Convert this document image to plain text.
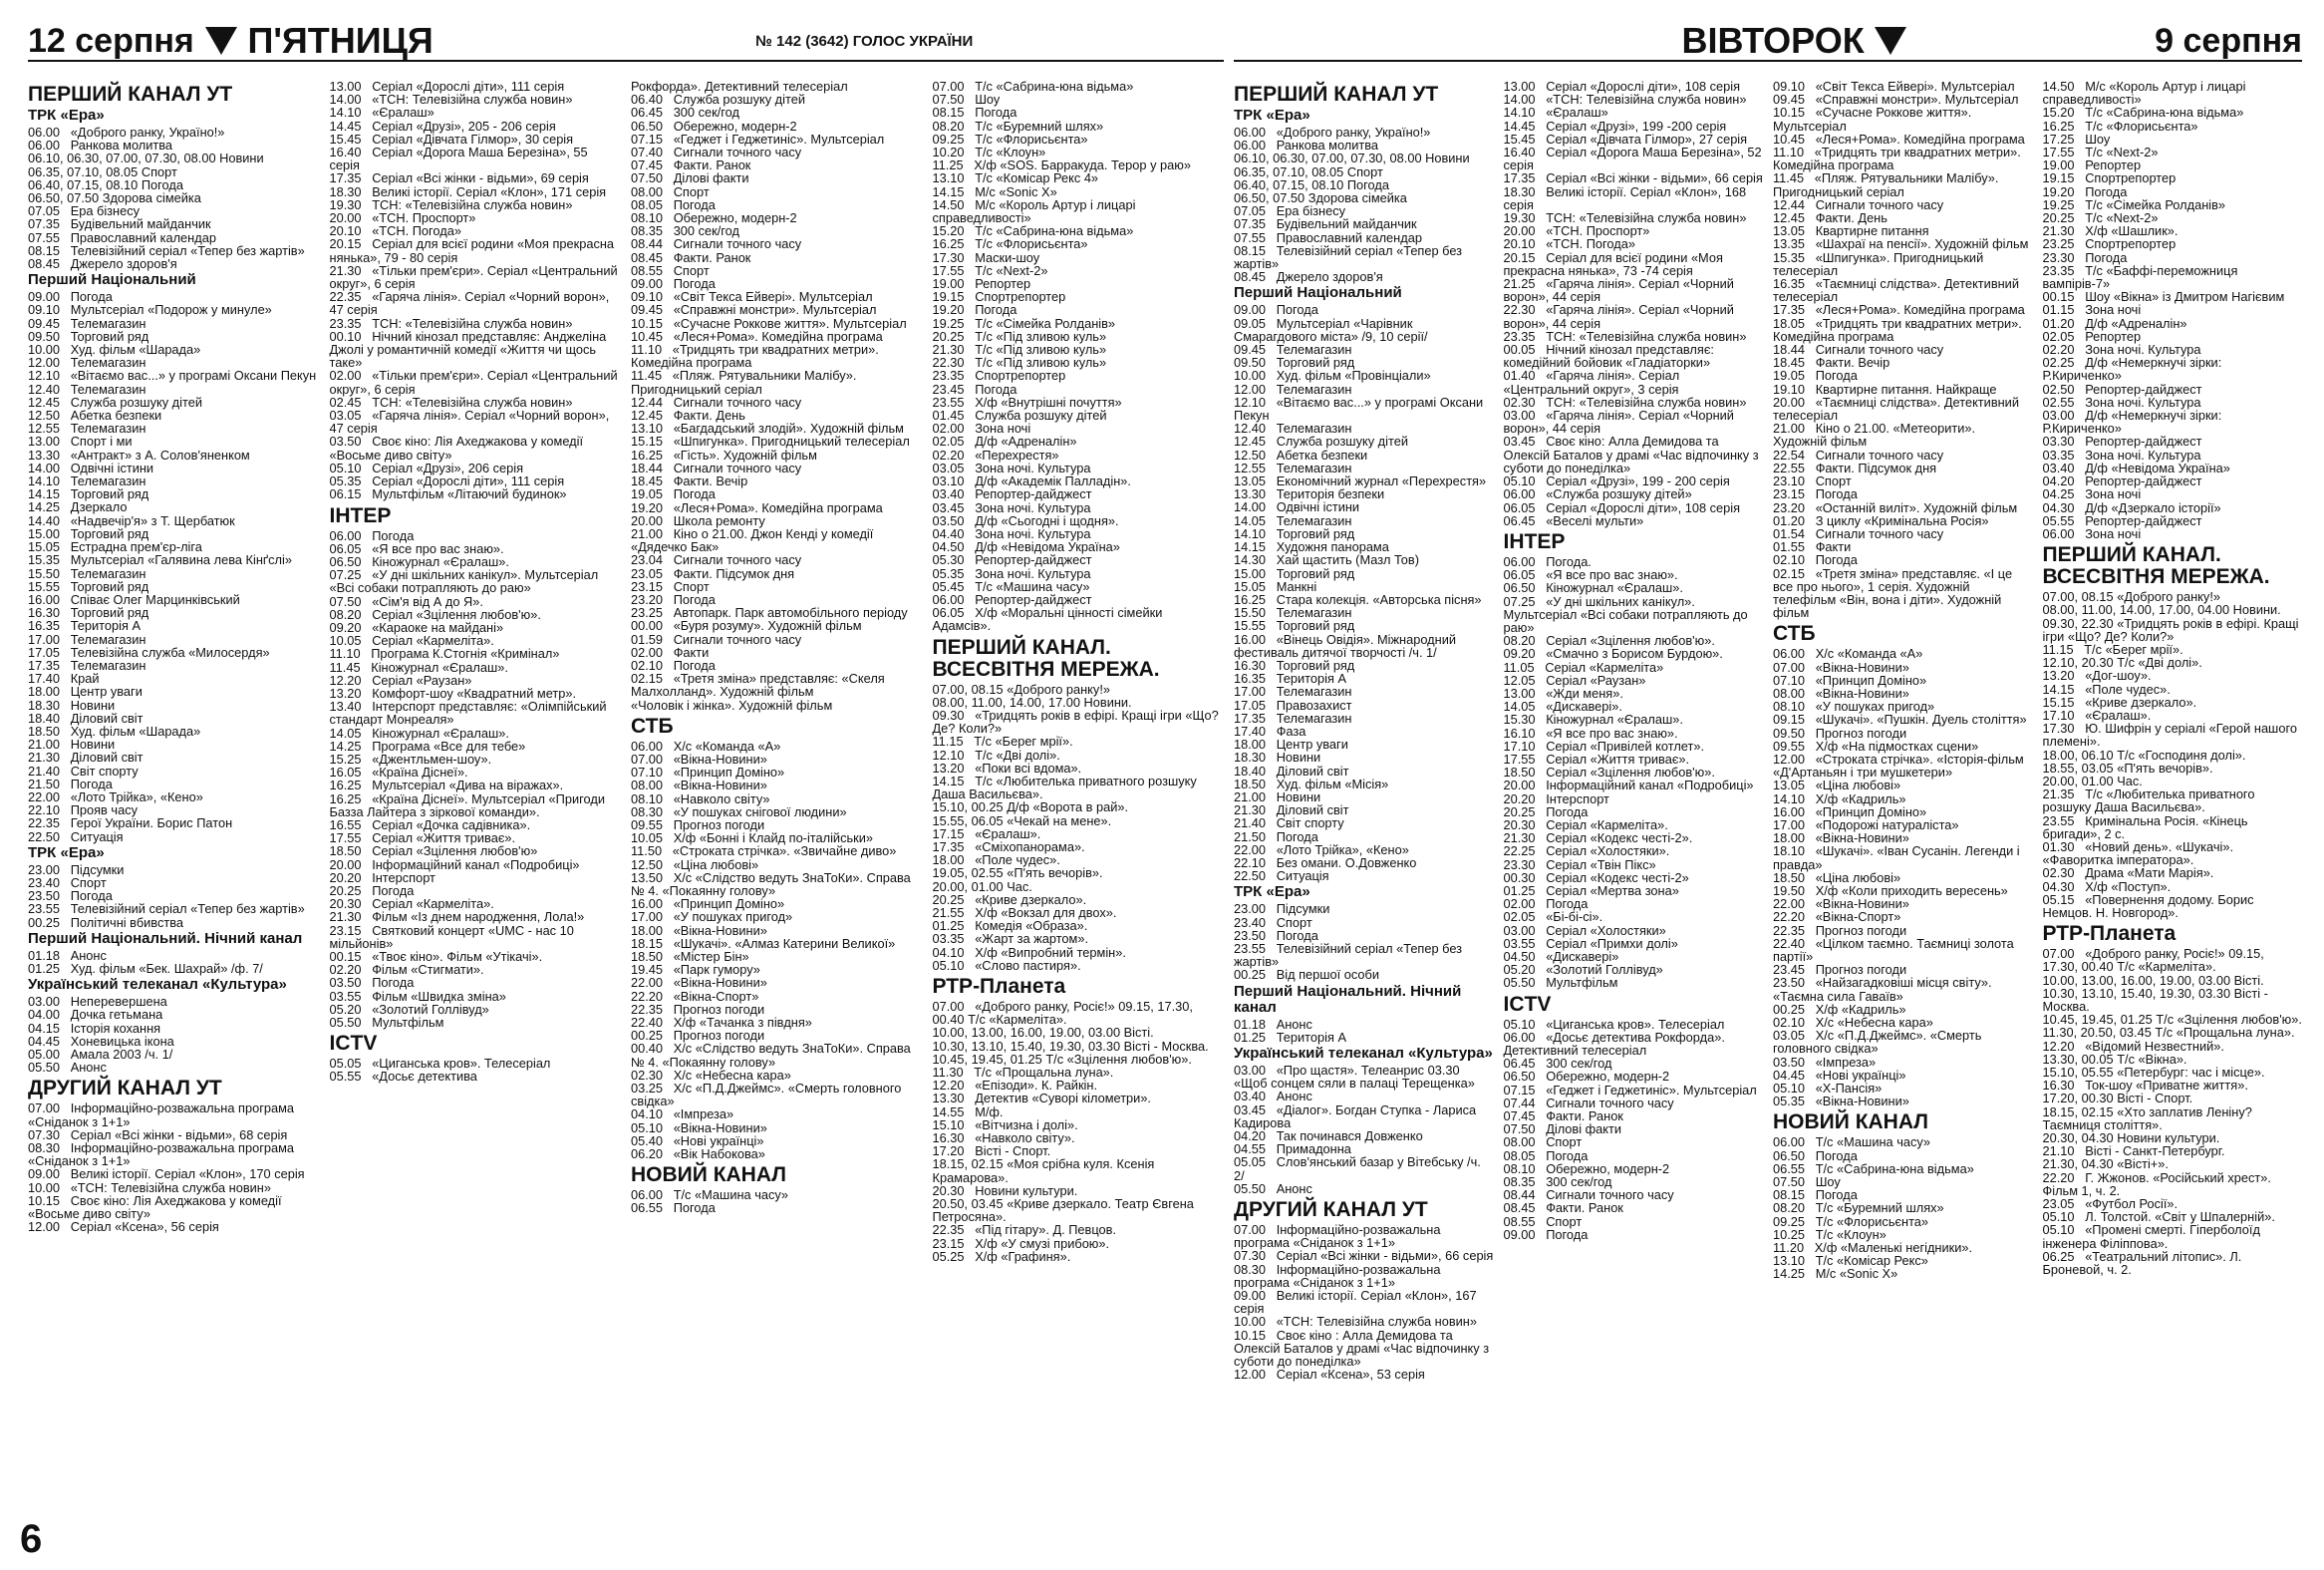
12 серпня П'ЯТНИЦЯ	№ 142 (3642) ГОЛОС УКРАЇНИ	ВІВТОРОК	9 серпня
ПЕРШИЙ КАНАЛ УТ
ТРК «Ера»
06.00   «Доброго ранку, Україно!»
06.00   Ранкова молитва
06.10, 06.30, 07.00, 07.30, 08.00 Новини
06.35, 07.10, 08.05 Спорт
06.40, 07.15, 08.10 Погода
06.50, 07.50 Здорова сімейка
07.05   Ера бізнесу
07.35   Будівельний майданчик
07.55   Православний календар
08.15   Телевізійний серіал «Тепер без жартів»
08.45   Джерело здоров'я
Перший Національний
09.00   Погода
09.10   Мультсеріал «Подорож у минуле»
09.45   Телемагазин
09.50   Торговий ряд
10.00   Худ. фільм «Шарада»
12.00   Телемагазин
12.10   «Вітаємо вас...» у програмі Оксани Пекун
12.40   Телемагазин
12.45   Служба розшуку дітей
12.50   Абетка безпеки
12.55   Телемагазин
13.00   Спорт і ми
13.30   «Антракт» з А. Солов'яненком
14.00   Одвічні істини
14.10   Телемагазин
14.15   Торговий ряд
14.25   Дзеркало
14.40   «Надвечір'я» з Т. Щербатюк
15.00   Торговий ряд
15.05   Естрадна прем'єр-ліга
15.35   Мультсеріал «Галявина лева Кінґслі»
15.50   Телемагазин
15.55   Торговий ряд
16.00   Співає Олег Марцинківський
16.30   Торговий ряд
16.35   Територія А
17.00   Телемагазин
17.05   Телевізійна служба «Милосердя»
17.35   Телемагазин
17.40   Край
18.00   Центр уваги
18.30   Новини
18.40   Діловий світ
18.50   Худ. фільм «Шарада»
21.00   Новини
21.30   Діловий світ
21.40   Світ спорту
21.50   Погода
22.00   «Лото Трійка», «Кено»
22.10   Прояв часу
22.35   Герої України. Борис Патон
22.50   Ситуація
ТРК «Ера»
23.00   Підсумки
23.40   Спорт
23.50   Погода
23.55   Телевізійний серіал «Тепер без жартів»
00.25   Політичні вбивства
Перший Національний. Нічний канал
01.18   Анонс
01.25   Худ. фільм «Бек. Шахрай» /ф. 7/
Український телеканал «Культура»
03.00   Неперевершена
04.00   Дочка гетьмана
04.15   Історія кохання
04.45   Хоневицька ікона
05.00   Амала 2003 /ч. 1/
05.50   Анонс
ДРУГИЙ КАНАЛ УТ
07.00   Інформаційно-розважальна програма «Сніданок з 1+1»
07.30   Серіал «Всі жінки - відьми», 68 серія
08.30   Інформаційно-розважальна програма «Сніданок з 1+1»
09.00   Великі історії. Серіал «Клон», 170 серія
10.00   «ТСН: Телевізійна служба новин»
10.15   Своє кіно: Лія Ахеджакова у комедії «Восьме диво світу»
12.00   Серіал «Ксена», 56 серія
13.00   Серіал «Дорослі діти», 111 серія
14.00   «ТСН: Телевізійна служба новин»
14.10   «Єралаш»
14.45   Серіал «Друзі», 205 - 206 серія
15.45   Серіал «Дівчата Гілмор», 30 серія
16.40   Серіал «Дорога Маша Березіна», 55 серія
17.35   Серіал «Всі жінки - відьми», 69 серія
18.30   Великі історії. Серіал «Клон», 171 серія
19.30   ТСН: «Телевізійна служба новин»
20.00   «ТСН. Проспорт»
20.10   «ТСН. Погода»
20.15   Серіал для всієї родини «Моя прекрасна нянька», 79 - 80 серія
21.30   «Тільки прем'єри». Серіал «Центральний округ», 6 серія
22.35   «Гаряча лінія». Серіал «Чорний ворон», 47 серія
23.35   ТСН: «Телевізійна служба новин»
00.10   Нічний кінозал представляє: Анджеліна Джолі у романтичній комедії «Життя чи щось таке»
02.00   «Тільки прем'єри». Серіал «Центральний округ», 6 серія
02.45   ТСН: «Телевізійна служба новин»
03.05   «Гаряча лінія». Серіал «Чорний ворон», 47 серія
03.50   Своє кіно: Лія Ахеджакова у комедії «Восьме диво світу»
05.10   Серіал «Друзі», 206 серія
05.35   Серіал «Дорослі діти», 111 серія
06.15   Мультфільм «Літаючий будинок»
ІНТЕР
06.00   Погода
06.05   «Я все про вас знаю».
06.50   Кіножурнал «Єралаш».
07.25   «У дні шкільних канікул». Мультсеріал «Всі собаки потрапляють до раю»
07.50   «Сім'я від А до Я».
08.20   Серіал «Зцілення любов'ю».
09.20   «Караоке на майдані»
10.05   Серіал «Кармеліта».
11.10   Програма К.Стогнія «Кримінал»
11.45   Кіножурнал «Єралаш».
12.20   Серіал «Раузан»
13.20   Комфорт-шоу «Квадратний метр».
13.40   Інтерспорт представляє: «Олімпійський стандарт Монреаля»
14.05   Кіножурнал «Єралаш».
14.25   Програма «Все для тебе»
15.25   «Джентльмен-шоу».
16.05   «Країна Діснеї».
16.25   Мультсеріал «Дива на віражах».
16.25   «Країна Діснеї». Мультсеріал «Пригоди Базза Лайтера з зіркової команди».
16.55   Серіал «Дочка садівника».
17.55   Серіал «Життя триває».
18.50   Серіал «Зцілення любов'ю»
20.00   Інформаційний канал «Подробиці»
20.20   Інтерспорт
20.25   Погода
20.30   Серіал «Кармеліта».
21.30   Фільм «Із днем народження, Лола!»
23.15   Святковий концерт «UMC - нас 10 мільйонів»
00.15   «Твоє кіно». Фільм «Утікачі».
02.20   Фільм «Стигмати».
03.50   Погода
03.55   Фільм «Швидка зміна»
05.20   «Золотий Голлівуд»
05.50   Мультфільм
ICTV
05.05   «Циганська кров». Телесеріал
05.55   «Досьє детектива
Рокфорда». Детективний телесеріал
06.40   Служба розшуку дітей
06.45   300 сек/год
06.50   Обережно, модерн-2
07.15   «Геджет і Геджетиніс». Мультсеріал
07.40   Сигнали точного часу
07.45   Факти. Ранок
07.50   Ділові факти
08.00   Спорт
08.05   Погода
08.10   Обережно, модерн-2
08.35   300 сек/год
08.44   Сигнали точного часу
08.45   Факти. Ранок
08.55   Спорт
09.00   Погода
09.10   «Світ Текса Ейвері». Мультсеріал
09.45   «Справжні монстри». Мультсеріал
10.15   «Сучасне Роккове життя». Мультсеріал
10.45   «Леся+Рома». Комедійна програма
11.10   «Тридцять три квадратних метри». Комедійна програма
11.45   «Пляж. Рятувальники Малібу». Пригодницький серіал
12.44   Сигнали точного часу
12.45   Факти. День
13.10   «Багдадський злодій». Художній фільм
15.15   «Шпигунка». Пригодницький телесеріал
16.25   «Гість». Художній фільм
18.44   Сигнали точного часу
18.45   Факти. Вечір
19.05   Погода
19.20   «Леся+Рома». Комедійна програма
20.00   Школа ремонту
21.00   Кіно о 21.00. Джон Кенді у комедії «Дядечко Бак»
23.04   Сигнали точного часу
23.05   Факти. Підсумок дня
23.15   Спорт
23.20   Погода
23.25   Автопарк. Парк автомобільного періоду
00.00   «Буря розуму». Художній фільм
01.59   Сигнали точного часу
02.00   Факти
02.10   Погода
02.15   «Третя зміна» представляє: «Скеля Малхолланд». Художній фільм
«Чоловік і жінка». Художній фільм
СТБ
06.00   Х/с «Команда «А»
07.00   «Вікна-Новини»
07.10   «Принцип Доміно»
08.00   «Вікна-Новини»
08.10   «Навколо світу»
08.30   «У пошуках снігової людини»
09.55   Прогноз погоди
10.05   Х/ф «Бонні і Клайд по-італійськи»
11.50   «Строката стрічка». «Звичайне диво»
12.50   «Ціна любові»
13.50   Х/с «Слідство ведуть ЗнаТоКи». Справа № 4. «Покаянну голову»
16.00   «Принцип Доміно»
17.00   «У пошуках пригод»
18.00   «Вікна-Новини»
18.15   «Шукачі». «Алмаз Катерини Великої»
18.50   «Містер Бін»
19.45   «Парк гумору»
22.00   «Вікна-Новини»
22.20   «Вікна-Спорт»
22.35   Прогноз погоди
22.40   Х/ф «Тачанка з півдня»
00.25   Прогноз погоди
00.40   Х/с «Слідство ведуть ЗнаТоКи». Справа № 4. «Покаянну голову»
02.30   Х/с «Небесна кара»
03.25   Х/с «П.Д.Джеймс». «Смерть головного свідка»
04.10   «Імпреза»
05.10   «Вікна-Новини»
05.40   «Нові українці»
06.20   «Вік Набокова»
НОВИЙ КАНАЛ
06.00   Т/с «Машина часу»
06.55   Погода
07.00   Т/с «Сабрина-юна відьма»
07.50   Шоу
08.15   Погода
08.20   Т/с «Буремний шлях»
09.25   Т/с «Флорисьєнта»
10.20   Т/с «Клоун»
11.25   Х/ф «SOS. Барракуда. Терор у раю»
13.10   Т/с «Комісар Рекс 4»
14.15   М/с «Sonic X»
14.50   М/с «Король Артур і лицарі справедливості»
15.20   Т/с «Сабрина-юна відьма»
16.25   Т/с «Флорисьєнта»
17.30   Маски-шоу
17.55   Т/с «Next-2»
19.00   Репортер
19.15   Спортрепортер
19.20   Погода
19.25   Т/с «Сімейка Ролданів»
20.25   Т/с «Під зливою куль»
21.30   Т/с «Під зливою куль»
22.30   Т/с «Під зливою куль»
23.35   Спортрепортер
23.45   Погода
23.55   Х/ф «Внутрішні почуття»
01.45   Служба розшуку дітей
02.00   Зона ночі
02.05   Д/ф «Адреналін»
02.20   «Перехрестя»
03.05   Зона ночі. Культура
03.10   Д/ф «Академік Палладін».
03.40   Репортер-дайджест
03.45   Зона ночі. Культура
03.50   Д/ф «Сьогодні і щодня».
04.40   Зона ночі. Культура
04.50   Д/ф «Невідома Україна»
05.30   Репортер-дайджест
05.35   Зона ночі. Культура
05.45   Т/с «Машина часу»
06.00   Репортер-дайджест
06.05   Х/ф «Моральні цінності сімейки Адамсів».
ПЕРШИЙ КАНАЛ. ВСЕСВІТНЯ МЕРЕЖА.
07.00, 08.15 «Доброго ранку!»
08.00, 11.00, 14.00, 17.00 Новини.
09.30   «Тридцять років в ефірі. Кращі ігри «Що? Де? Коли?»
11.15   Т/с «Берег мрії».
12.10   Т/с «Дві долі».
13.20   «Поки всі вдома».
14.15   Т/с «Любителька приватного розшуку Даша Васильєва».
15.10, 00.25 Д/ф «Ворота в рай».
15.55, 06.05 «Чекай на мене».
17.15   «Єралаш».
17.35   «Сміхопанорама».
18.00   «Поле чудес».
19.05, 02.55 «П'ять вечорів».
20.00, 01.00 Час.
20.25   «Криве дзеркало».
21.55   Х/ф «Вокзал для двох».
01.25   Комедія «Образа».
03.35   «Жарт за жартом».
04.10   Х/ф «Випробний термін».
05.10   «Слово пастиря».
РТР-Планета
07.00   «Доброго ранку, Росіє!» 09.15, 17.30, 00.40 Т/с «Кармеліта».
10.00, 13.00, 16.00, 19.00, 03.00 Вісті.
10.30, 13.10, 15.40, 19.30, 03.30 Вісті - Москва.
10.45, 19.45, 01.25 Т/с «Зцілення любов'ю».
11.30   Т/с «Прощальна луна».
12.20   «Епізоди». К. Райкін.
13.30   Детектив «Суворі кілометри».
14.55   М/ф.
15.10   «Вітчизна і долі».
16.30   «Навколо світу».
17.20   Вісті - Спорт.
18.15, 02.15 «Моя срібна куля. Ксенія Крамарова».
20.30   Новини культури.
20.50, 03.45 «Криве дзеркало. Театр Євгена Петросяна».
22.35   «Під гітару». Д. Певцов.
23.15   Х/ф «У смузі прибою».
05.25   Х/ф «Графиня».
ПЕРШИЙ КАНАЛ УТ
ТРК «Ера»
06.00   «Доброго ранку, Україно!»
06.00   Ранкова молитва
06.10, 06.30, 07.00, 07.30, 08.00 Новини
06.35, 07.10, 08.05 Спорт
06.40, 07.15, 08.10 Погода
06.50, 07.50 Здорова сімейка
07.05   Ера бізнесу
07.35   Будівельний майданчик
07.55   Православний календар
08.15   Телевізійний серіал «Тепер без жартів»
08.45   Джерело здоров'я
Перший Національний
09.00   Погода
09.05   Мультсеріал «Чарівник Смарагдового міста» /9, 10 серії/
09.45   Телемагазин
09.50   Торговий ряд
10.00   Худ. фільм «Провінціали»
12.00   Телемагазин
12.10   «Вітаємо вас...» у програмі Оксани Пекун
12.40   Телемагазин
12.45   Служба розшуку дітей
12.50   Абетка безпеки
12.55   Телемагазин
13.05   Економічний журнал «Перехрестя»
13.30   Територія безпеки
14.00   Одвічні істини
14.05   Телемагазин
14.10   Торговий ряд
14.15   Художня панорама
14.30   Хай щастить (Мазл Тов)
15.00   Торговий ряд
15.05   Манкні
16.25   Стара колекція. «Авторська пісня»
15.50   Телемагазин
15.55   Торговий ряд
16.00   «Вінець Овідія». Міжнародний фестиваль дитячої творчості /ч. 1/
16.30   Торговий ряд
16.35   Територія А
17.00   Телемагазин
17.05   Правозахист
17.35   Телемагазин
17.40   Фаза
18.00   Центр уваги
18.30   Новини
18.40   Діловий світ
18.50   Худ. фільм «Місія»
21.00   Новини
21.30   Діловий світ
21.40   Світ спорту
21.50   Погода
22.00   «Лото Трійка», «Кено»
22.10   Без омани. О.Довженко
22.50   Ситуація
ТРК «Ера»
23.00   Підсумки
23.40   Спорт
23.50   Погода
23.55   Телевізійний серіал «Тепер без жартів»
00.25   Від першої особи
Перший Національний. Нічний канал
01.18   Анонс
01.25   Територія А
Український телеканал «Культура»
03.00   «Про щастя». Телеанрис 03.30 «Щоб сонцем сяли в палаці Терещенка»
03.40   Анонс
03.45   «Діалог». Богдан Ступка - Лариса Кадирова
04.20   Так починався Довженко
04.55   Примадонна
05.05   Слов'янський базар у Вітебську /ч. 2/
05.50   Анонс
ДРУГИЙ КАНАЛ УТ
07.00   Інформаційно-розважальна програма «Сніданок з 1+1»
07.30   Серіал «Всі жінки - відьми», 66 серія
08.30   Інформаційно-розважальна програма «Сніданок з 1+1»
09.00   Великі історії. Серіал «Клон», 167 серія
10.00   «ТСН: Телевізійна служба новин»
10.15   Своє кіно : Алла Демидова та Олексій Баталов у драмі «Час відпочинку з суботи до понеділка»
12.00   Серіал «Ксена», 53 серія
13.00   Серіал «Дорослі діти», 108 серія
14.00   «ТСН: Телевізійна служба новин»
14.10   «Єралаш»
14.45   Серіал «Друзі», 199 -200 серія
15.45   Серіал «Дівчата Гілмор», 27 серія
16.40   Серіал «Дорога Маша Березіна», 52 серія
17.35   Серіал «Всі жінки - відьми», 66 серія
18.30   Великі історії. Серіал «Клон», 168 серія
19.30   ТСН: «Телевізійна служба новин»
20.00   «ТСН. Проспорт»
20.10   «ТСН. Погода»
20.15   Серіал для всієї родини «Моя прекрасна нянька», 73 -74 серія
21.25   «Гаряча лінія». Серіал «Чорний ворон», 44 серія
22.30   «Гаряча лінія». Серіал «Чорний ворон», 44 серія
23.35   ТСН: «Телевізійна служба новин»
00.05   Нічний кінозал представляє: комедійний бойовик «Гладіаторки»
01.40   «Гаряча лінія». Серіал «Центральний округ», 3 серія
02.30   ТСН: «Телевізійна служба новин»
03.00   «Гаряча лінія». Серіал «Чорний ворон», 44 серія
03.45   Своє кіно: Алла Демидова та Олексій Баталов у драмі «Час відпочинку з суботи до понеділка»
05.10   Серіал «Друзі», 199 - 200 серія
06.00   «Служба розшуку дітей»
06.05   Серіал «Дорослі діти», 108 серія
06.45   «Веселі мульти»
ІНТЕР
06.00   Погода.
06.05   «Я все про вас знаю».
06.50   Кіножурнал «Єралаш».
07.25   «У дні шкільних канікул». Мультсеріал «Всі собаки потрапляють до раю»
08.20   Серіал «Зцілення любов'ю».
09.20   «Смачно з Борисом Бурдою».
11.05   Серіал «Кармеліта»
12.05   Серіал «Раузан»
13.00   «Жди меня».
14.05   «Дискавері».
15.30   Кіножурнал «Єралаш».
16.10   «Я все про вас знаю».
17.10   Серіал «Привілей котлет».
17.55   Серіал «Життя триває».
18.50   Серіал «Зцілення любов'ю».
20.00   Інформаційний канал «Подробиці»
20.20   Інтерспорт
20.25   Погода
20.30   Серіал «Кармеліта».
21.30   Серіал «Кодекс честі-2».
22.25   Серіал «Холостяки».
23.30   Серіал «Твін Пікс»
00.30   Серіал «Кодекс честі-2»
01.25   Серіал «Мертва зона»
02.00   Погода
02.05   «Бі-бі-сі».
03.00   Серіал «Холостяки»
03.55   Серіал «Примхи долі»
04.50   «Дискавері»
05.20   «Золотий Голлівуд»
05.50   Мультфільм
ICTV
05.10   «Циганська кров». Телесеріал
06.00   «Досьє детектива Рокфорда». Детективний телесеріал
06.45   300 сек/год
06.50   Обережно, модерн-2
07.15   «Геджет і Геджетиніс». Мультсеріал
07.44   Сигнали точного часу
07.45   Факти. Ранок
07.50   Ділові факти
08.00   Спорт
08.05   Погода
08.10   Обережно, модерн-2
08.35   300 сек/год
08.44   Сигнали точного часу
08.45   Факти. Ранок
08.55   Спорт
09.00   Погода
09.10   «Світ Текса Ейвері». Мультсеріал
09.45   «Справжні монстри». Мультсеріал
10.15   «Сучасне Роккове життя». Мультсеріал
10.45   «Леся+Рома». Комедійна програма
11.10   «Тридцять три квадратних метри». Комедійна програма
11.45   «Пляж. Рятувальники Малібу». Пригодницький серіал
12.44   Сигнали точного часу
12.45   Факти. День
13.05   Квартирне питання
13.35   «Шахраї на пенсії». Художній фільм
15.35   «Шпигунка». Пригодницький телесеріал
16.35   «Таємниці слідства». Детективний телесеріал
17.35   «Леся+Рома». Комедійна програма
18.05   «Тридцять три квадратних метри». Комедійна програма
18.44   Сигнали точного часу
18.45   Факти. Вечір
19.05   Погода
19.10   Квартирне питання. Найкраще
20.00   «Таємниці слідства». Детективний телесеріал
21.00   Кіно о 21.00. «Метеорити». Художній фільм
22.54   Сигнали точного часу
22.55   Факти. Підсумок дня
23.10   Спорт
23.15   Погода
23.20   «Останній виліт». Художній фільм
01.20   З циклу «Кримінальна Росія»
01.54   Сигнали точного часу
01.55   Факти
02.10   Погода
02.15   «Третя зміна» представляє. «І це все про нього», 1 серія. Художній телефільм «Він, вона і діти». Художній фільм
СТБ
06.00   Х/с «Команда «А»
07.00   «Вікна-Новини»
07.10   «Принцип Доміно»
08.00   «Вікна-Новини»
08.10   «У пошуках пригод»
09.15   «Шукачі». «Пушкін. Дуель століття»
09.50   Прогноз погоди
09.55   Х/ф «На підмостках сцени»
12.00   «Строката стрічка». «Історія-фільм «Д'Артаньян і три мушкетери»
13.05   «Ціна любові»
14.10   Х/ф «Кадриль»
16.00   «Принцип Доміно»
17.00   «Подорожі натураліста»
18.00   «Вікна-Новини»
18.10   «Шукачі». «Іван Сусанін. Легенди і правда»
18.50   «Ціна любові»
19.50   Х/ф «Коли приходить вересень»
22.00   «Вікна-Новини»
22.20   «Вікна-Спорт»
22.35   Прогноз погоди
22.40   «Цілком таємно. Таємниці золота партії»
23.45   Прогноз погоди
23.50   «Найзагадковіші місця світу». «Таємна сила Гаваїв»
00.25   Х/ф «Кадриль»
02.10   Х/с «Небесна кара»
03.05   Х/с «П.Д.Джеймс». «Смерть головного свідка»
03.50   «Імпреза»
04.45   «Нові українці»
05.10   «Х-Пансія»
05.35   «Вікна-Новини»
НОВИЙ КАНАЛ
06.00   Т/с «Машина часу»
06.50   Погода
06.55   Т/с «Сабрина-юна відьма»
07.50   Шоу
08.15   Погода
08.20   Т/с «Буремний шлях»
09.25   Т/с «Флорисьєнта»
10.25   Т/с «Клоун»
11.20   Х/ф «Маленькі негідники».
13.10   Т/с «Комісар Рекс»
14.25   М/с «Sonic X»
14.50   М/с «Король Артур і лицарі справедливості»
15.20   Т/с «Сабрина-юна відьма»
16.25   Т/с «Флорисьєнта»
17.25   Шоу
17.55   Т/с «Next-2»
19.00   Репортер
19.15   Спортрепортер
19.20   Погода
19.25   Т/с «Сімейка Ролданів»
20.25   Т/с «Next-2»
21.30   Х/ф «Шашлик».
23.25   Спортрепортер
23.30   Погода
23.35   Т/с «Баффі-переможниця вампірів-7»
00.15   Шоу «Вікна» із Дмитром Нагієвим
01.15   Зона ночі
01.20   Д/ф «Адреналін»
02.05   Репортер
02.20   Зона ночі. Культура
02.25   Д/ф «Немеркнучі зірки: Р.Кириченко»
02.50   Репортер-дайджест
02.55   Зона ночі. Культура
03.00   Д/ф «Немеркнучі зірки: Р.Кириченко»
03.30   Репортер-дайджест
03.35   Зона ночі. Культура
03.40   Д/ф «Невідома Україна»
04.20   Репортер-дайджест
04.25   Зона ночі
04.30   Д/ф «Дзеркало історії»
05.55   Репортер-дайджест
06.00   Зона ночі
ПЕРШИЙ КАНАЛ. ВСЕСВІТНЯ МЕРЕЖА.
07.00, 08.15 «Доброго ранку!»
08.00, 11.00, 14.00, 17.00, 04.00 Новини.
09.30, 22.30 «Тридцять років в ефірі. Кращі ігри «Що? Де? Коли?»
11.15   Т/с «Берег мрії».
12.10, 20.30 Т/с «Дві долі».
13.20   «Дог-шоу».
14.15   «Поле чудес».
15.15   «Криве дзеркало».
17.10   «Єралаш».
17.30   Ю. Шифрін у серіалі «Герой нашого племені».
18.00, 06.10 Т/с «Господиня долі».
18.55, 03.05 «П'ять вечорів».
20.00, 01.00 Час.
21.35   Т/с «Любителька приватного розшуку Даша Васильєва».
23.55   Кримінальна Росія. «Кінець бригади», 2 с.
01.30   «Новий день». «Шукачі». «Фаворитка імператора».
02.30   Драма «Мати Марія».
04.30   Х/ф «Поступ».
05.15   «Повернення додому. Борис Немцов. Н. Новгород».
РТР-Планета
07.00   «Доброго ранку, Росіє!» 09.15, 17.30, 00.40 Т/с «Кармеліта».
10.00, 13.00, 16.00, 19.00, 03.00 Вісті.
10.30, 13.10, 15.40, 19.30, 03.30 Вісті - Москва.
10.45, 19.45, 01.25 Т/с «Зцілення любов'ю».
11.30, 20.50, 03.45 Т/с «Прощальна луна».
12.20   «Відомий Незвестний».
13.30, 00.05 Т/с «Вікна».
15.10, 05.55 «Петербург: час і місце».
16.30   Ток-шоу «Приватне життя».
17.20, 00.30 Вісті - Спорт.
18.15, 02.15 «Хто заплатив Леніну? Таємниця століття».
20.30, 04.30 Новини культури.
21.10   Вісті - Санкт-Петербург.
21.30, 04.30 «Вісті+».
22.20   Г. Жжонов. «Російський хрест». Фільм 1, ч. 2.
23.05   «Футбол Росії».
05.10   Л. Толстой. «Світ у Шпалерній».
05.10   «Промені смерті. Гіперболоїд інженера Філіппова».
06.25   «Театральний літопис». Л. Броневой, ч. 2.
6
